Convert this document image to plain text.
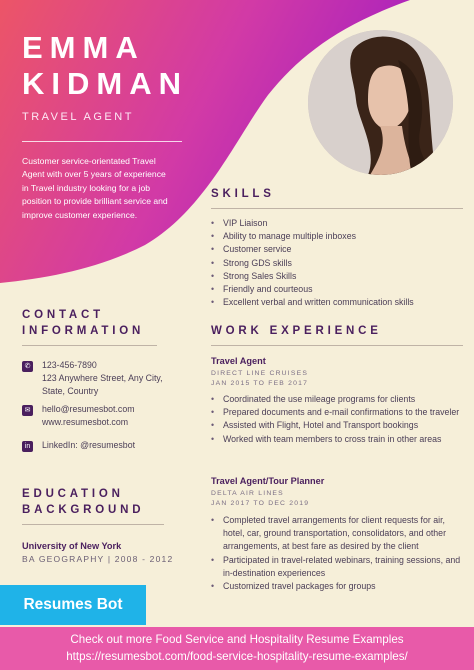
EMMA
KIDMAN
TRAVEL AGENT
Customer service-orientated Travel Agent with over 5 years of experience in Travel industry looking for a job position to provide brilliant service and improve customer experience.
SKILLS
• VIP Liaison
• Ability to manage multiple inboxes
• Customer service
• Strong GDS skills
• Strong Sales Skills
• Friendly and courteous
• Excellent verbal and written communication skills
CONTACT
INFORMATION
✆ 123-456-7890
123 Anywhere Street, Any City,
State, Country
✉ hello@resumesbot.com
www.resumesbot.com
in	LinkedIn: @resumesbot
WORK EXPERIENCE
Travel Agent
DIRECT LINE CRUISES
JAN 2015 TO FEB 2017
• Coordinated the use mileage programs for clients
• Prepared documents and e-mail confirmations to the traveler
• Assisted with Flight, Hotel and Transport bookings
• Worked with team members to cross train in other areas
Travel Agent/Tour Planner
DELTA AIR LINES
JAN 2017 TO DEC 2019
• Completed travel arrangements for client requests for air, hotel, car, ground transportation, consolidators, and other arrangements, at best fare as desired by the client
• Participated in travel-related webinars, training sessions, and in-destination experiences
• Customized travel packages for groups
EDUCATION
BACKGROUND
University of New York
BA GEOGRAPHY | 2008 - 2012
Resumes Bot
Check out more Food Service and Hospitality Resume Examples
https://resumesbot.com/food-service-hospitality-resume-examples/
